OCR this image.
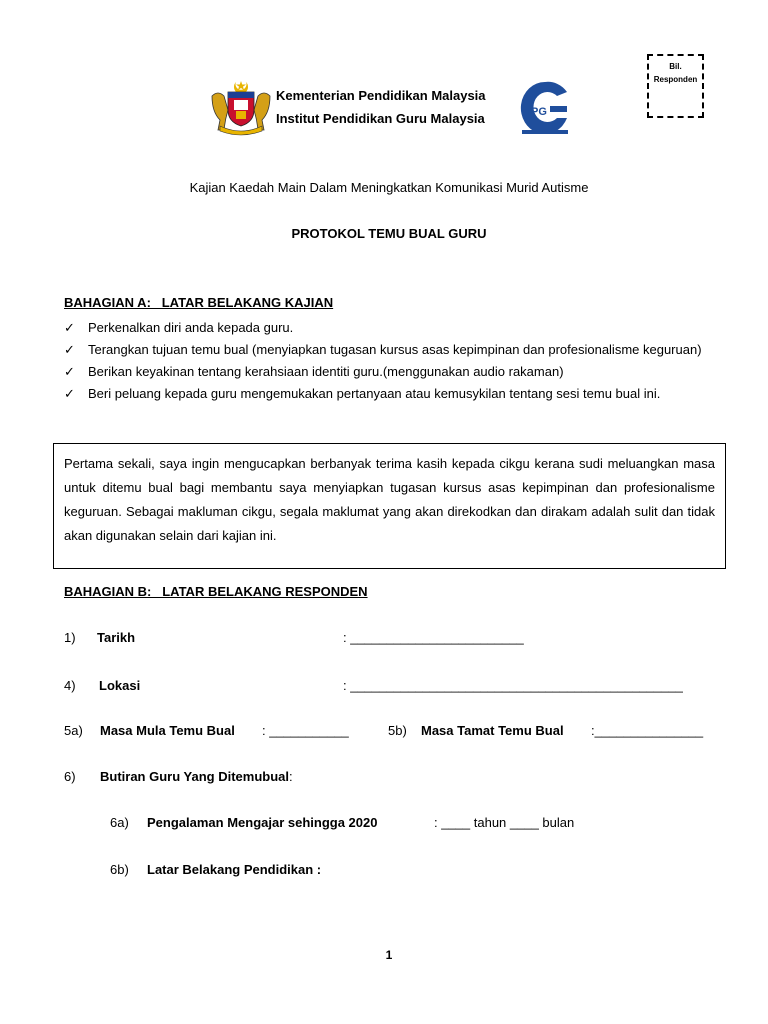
Bil.
Responden
Kementerian Pendidikan Malaysia
Institut Pendidikan Guru Malaysia	IPG
Kajian Kaedah Main Dalam Meningkatkan Komunikasi Murid Autisme
PROTOKOL TEMU BUAL GURU
BAHAGIAN A:   LATAR BELAKANG KAJIAN
✓ Perkenalkan diri anda kepada guru.
✓ Terangkan tujuan temu bual (menyiapkan tugasan kursus asas kepimpinan dan profesionalisme keguruan)
✓ Berikan keyakinan tentang kerahsiaan identiti guru.(menggunakan audio rakaman)
✓ Beri peluang kepada guru mengemukakan pertanyaan atau kemusykilan tentang sesi temu bual ini.
Pertama sekali, saya ingin mengucapkan berbanyak terima kasih kepada cikgu kerana sudi meluangkan masa untuk ditemu bual bagi membantu saya menyiapkan tugasan kursus asas kepimpinan dan profesionalisme keguruan. Sebagai makluman cikgu, segala maklumat yang akan direkodkan dan dirakam adalah sulit dan tidak akan digunakan selain dari kajian ini.
BAHAGIAN B:   LATAR BELAKANG RESPONDEN
1) Tarikh	: ________________________
4) Lokasi	: ______________________________________________
5a) Masa Mula Temu Bual : ___________	5b) Masa Tamat Temu Bual :_______________
6) Butiran Guru Yang Ditemubual:
6a) Pengalaman Mengajar sehingga 2020	: ____ tahun ____ bulan
6b) Latar Belakang Pendidikan :
1
